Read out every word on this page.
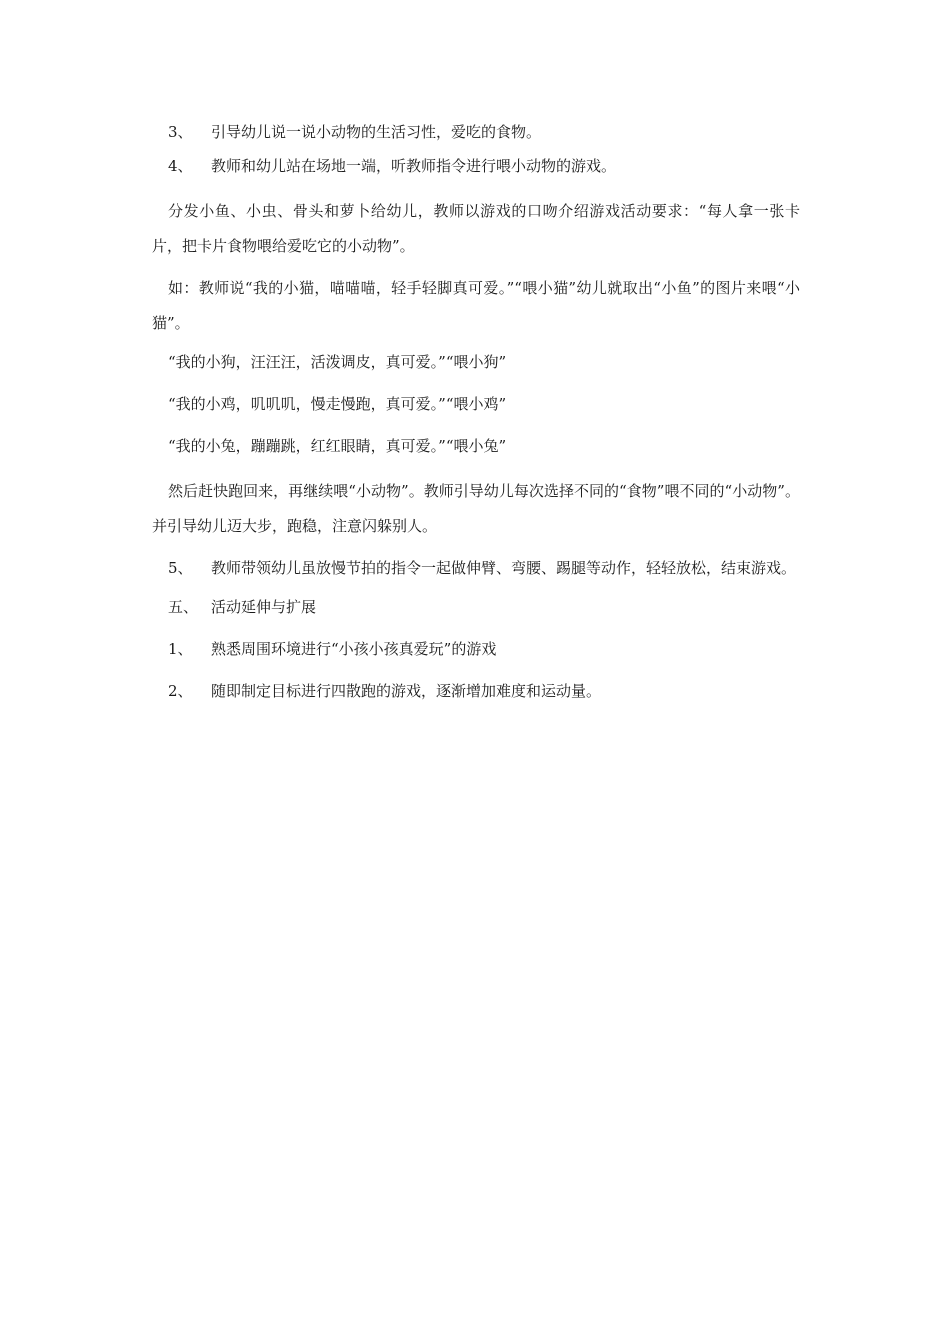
3、	引导幼儿说一说小动物的生活习性，爱吃的食物。
4、	教师和幼儿站在场地一端，听教师指令进行喂小动物的游戏。
分发小鱼、小虫、骨头和萝卜给幼儿，教师以游戏的口吻介绍游戏活动要求：“每人拿一张卡片，把卡片食物喂给爱吃它的小动物”。
如：教师说“我的小猫，喵喵喵，轻手轻脚真可爱。”“喂小猫”幼儿就取出“小鱼”的图片来喂“小猫”。
“我的小狗，汪汪汪，活泼调皮，真可爱。”“喂小狗”
“我的小鸡，叽叽叽，慢走慢跑，真可爱。”“喂小鸡”
“我的小兔，蹦蹦跳，红红眼睛，真可爱。”“喂小兔”
然后赶快跑回来，再继续喂“小动物”。教师引导幼儿每次选择不同的“食物”喂不同的“小动物”。并引导幼儿迈大步，跑稳，注意闪躲别人。
5、 教师带领幼儿虽放慢节拍的指令一起做伸臂、弯腰、踢腿等动作，轻轻放松，结束游戏。
五、 活动延伸与扩展
1、	熟悉周围环境进行“小孩小孩真爱玩”的游戏
2、	随即制定目标进行四散跑的游戏，逐渐增加难度和运动量。
